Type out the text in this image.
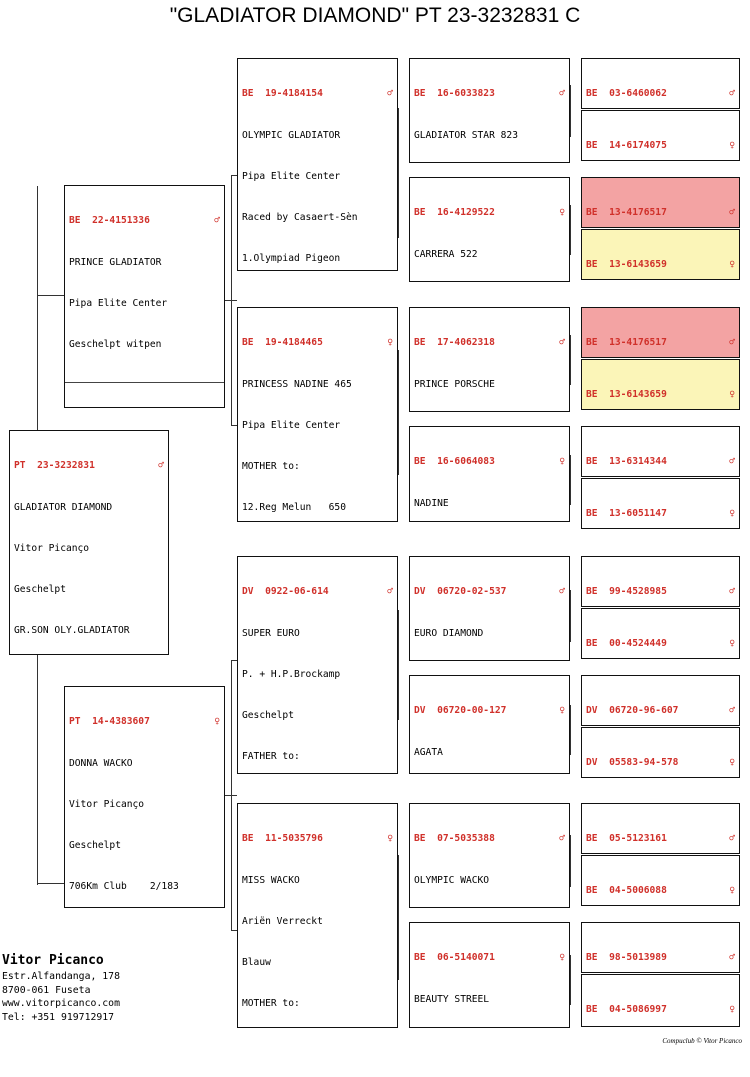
"GLADIATOR DIAMOND" PT 23-3232831 C

PT  23-3232831	♂

GLADIATOR DIAMOND

Vitor Picanço

Geschelpt

GR.SON OLY.GLADIATOR

BE  22-4151336	♂

PRINCE GLADIATOR

Pipa Elite Center

Geschelpt witpen

PT  14-4383607	♀

DONNA WACKO

Vitor Picanço

Geschelpt

706Km Club    2/183

BE  19-4184154	♂

OLYMPIC GLADIATOR

Pipa Elite Center

Raced by Casaert-Sèn

1.Olympiad Pigeon

BE  19-4184465	♀

PRINCESS NADINE 465

Pipa Elite Center

MOTHER to:

12.Reg Melun   650

DV  0922-06-614	♂

SUPER EURO

P. + H.P.Brockamp

Geschelpt

FATHER to:

BE  11-5035796	♀

MISS WACKO

Ariën Verreckt

Blauw

MOTHER to:

BE  16-6033823	♂

GLADIATOR STAR 823

BE  16-4129522	♀

CARRERA 522

BE  17-4062318	♂

PRINCE PORSCHE

BE  16-6064083	♀

NADINE

DV  06720-02-537	♂

EURO DIAMOND

DV  06720-00-127	♀

AGATA

BE  07-5035388	♂

OLYMPIC WACKO

BE  06-5140071	♀

BEAUTY STREEL

BE  03-6460062	♂

BE  14-6174075	♀

BE  13-4176517	♂

BE  13-6143659	♀

BE  13-4176517	♂

BE  13-6143659	♀

BE  13-6314344	♂

BE  13-6051147	♀

BE  99-4528985	♂

BE  00-4524449	♀

DV  06720-96-607	♂

DV  05583-94-578	♀

BE  05-5123161	♂

BE  04-5006088	♀

BE  98-5013989	♂

BE  04-5086997	♀

Vitor Picanco
Estr.Alfandanga, 178
8700-061 Fuseta
www.vitorpicanco.com
Tel: +351 919712917
Compuclub © Vitor Picanco
